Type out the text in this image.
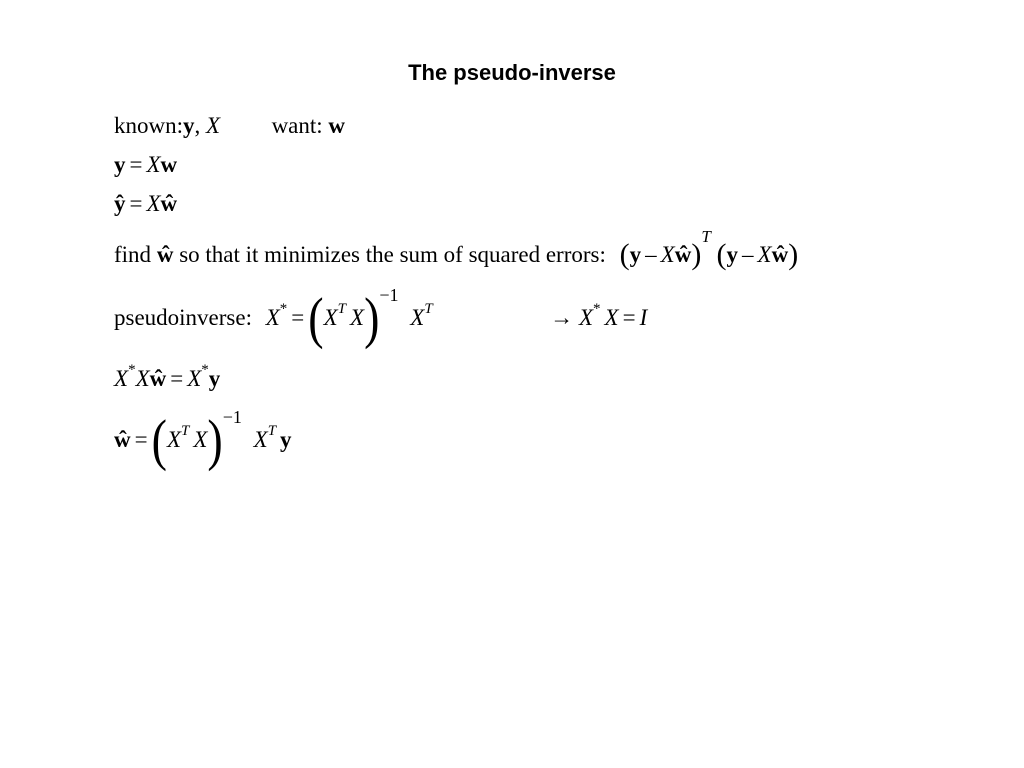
The pseudo-inverse
known:y, X want: w
y = Xw
ŷ = Xŵ
find ŵ so that it minimizes the sum of squared errors: (y – Xŵ)$^T$ (y – Xŵ)
pseudoinverse: $X^* =(X^T$ X)$^{-1}$ $X^T$	→ X* X = I
X*Xŵ = X*y
ŵ $=(X^T$ X)$^{-1}$ $X^T$ y
